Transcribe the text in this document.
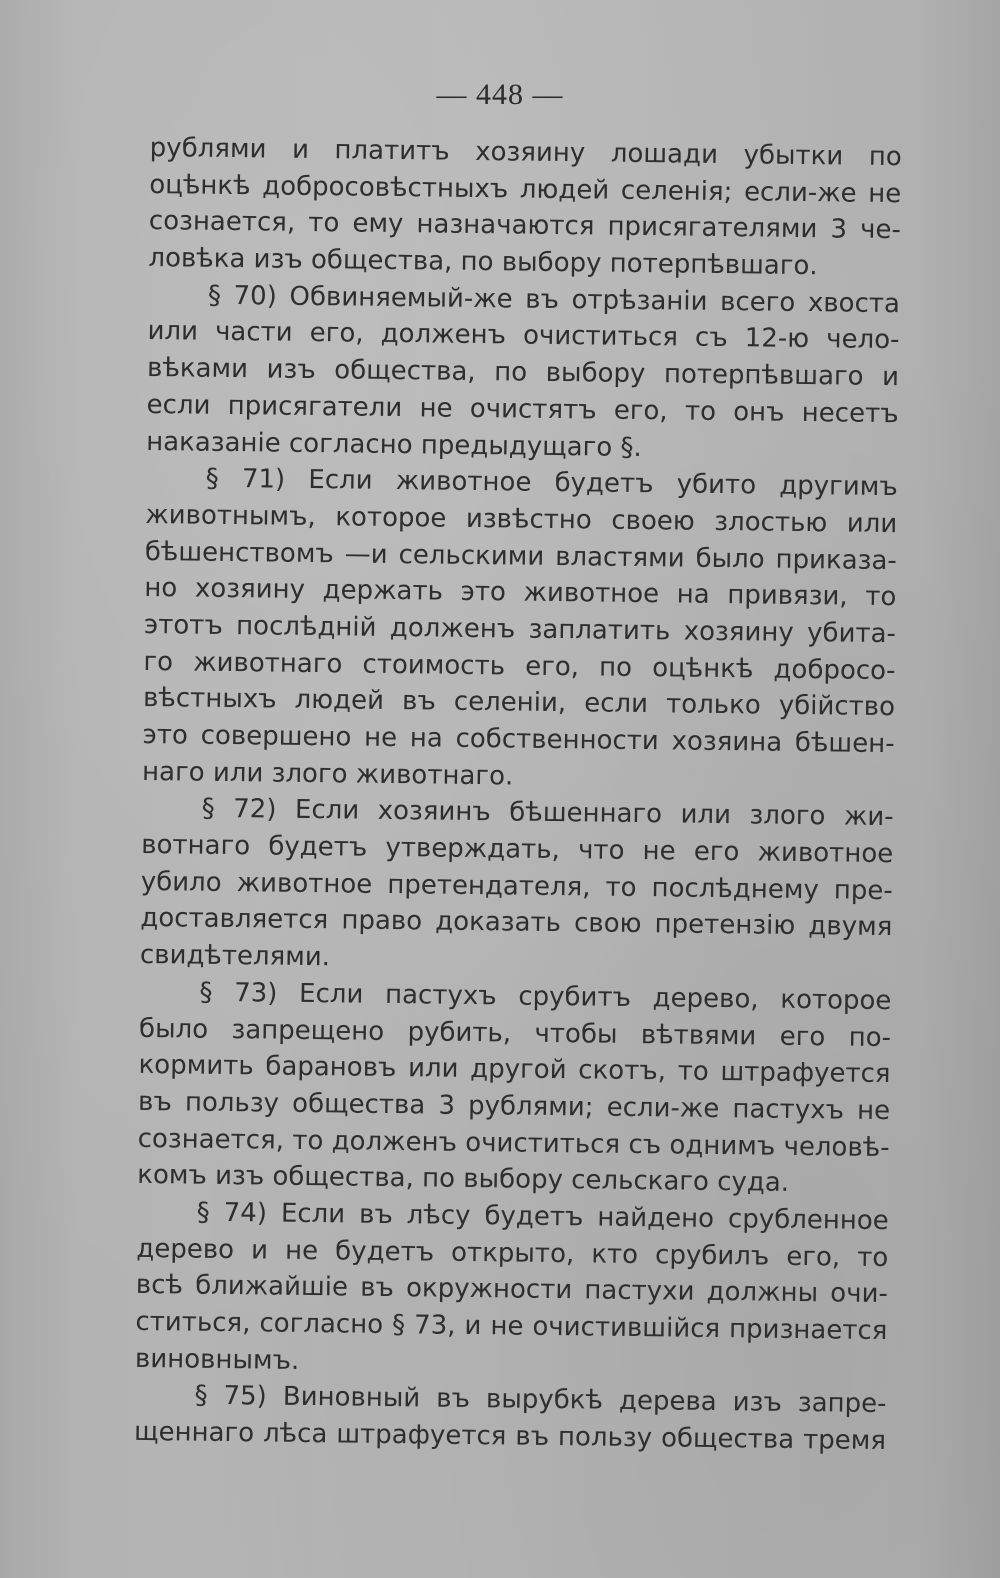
— 448 —
рублями и платитъ хозяину лошади убытки по
оцѣнкѣ добросовѣстныхъ людей селенія; если-же не
сознается, то ему назначаются присягателями 3 че-
ловѣка изъ общества, по выбору потерпѣвшаго.
§ 70) Обвиняемый-же въ отрѣзаніи всего хвоста
или части его, долженъ очиститься съ 12-ю чело-
вѣками изъ общества, по выбору потерпѣвшаго и
если присягатели не очистятъ его, то онъ несетъ
наказаніе согласно предыдущаго §.
§ 71) Если животное будетъ убито другимъ
животнымъ, которое извѣстно своею злостью или
бѣшенствомъ —и сельскими властями было приказа-
но хозяину держать это животное на привязи, то
этотъ послѣдній долженъ заплатить хозяину убита-
го животнаго стоимость его, по оцѣнкѣ добросо-
вѣстныхъ людей въ селеніи, если только убійство
это совершено не на собственности хозяина бѣшен-
наго или злого животнаго.
§ 72) Если хозяинъ бѣшеннаго или злого жи-
вотнаго будетъ утверждать, что не его животное
убило животное претендателя, то послѣднему пре-
доставляется право доказать свою претензію двумя
свидѣтелями.
§ 73) Если пастухъ срубитъ дерево, которое
было запрещено рубить, чтобы вѣтвями его по-
кормить барановъ или другой скотъ, то штрафуется
въ пользу общества 3 рублями; если-же пастухъ не
сознается, то долженъ очиститься съ однимъ человѣ-
комъ изъ общества, по выбору сельскаго суда.
§ 74) Если въ лѣсу будетъ найдено срубленное
дерево и не будетъ открыто, кто срубилъ его, то
всѣ ближайшіе въ окружности пастухи должны очи-
ститься, согласно § 73, и не очистившійся признается
виновнымъ.
§ 75) Виновный въ вырубкѣ дерева изъ запре-
щеннаго лѣса штрафуется въ пользу общества тремя
